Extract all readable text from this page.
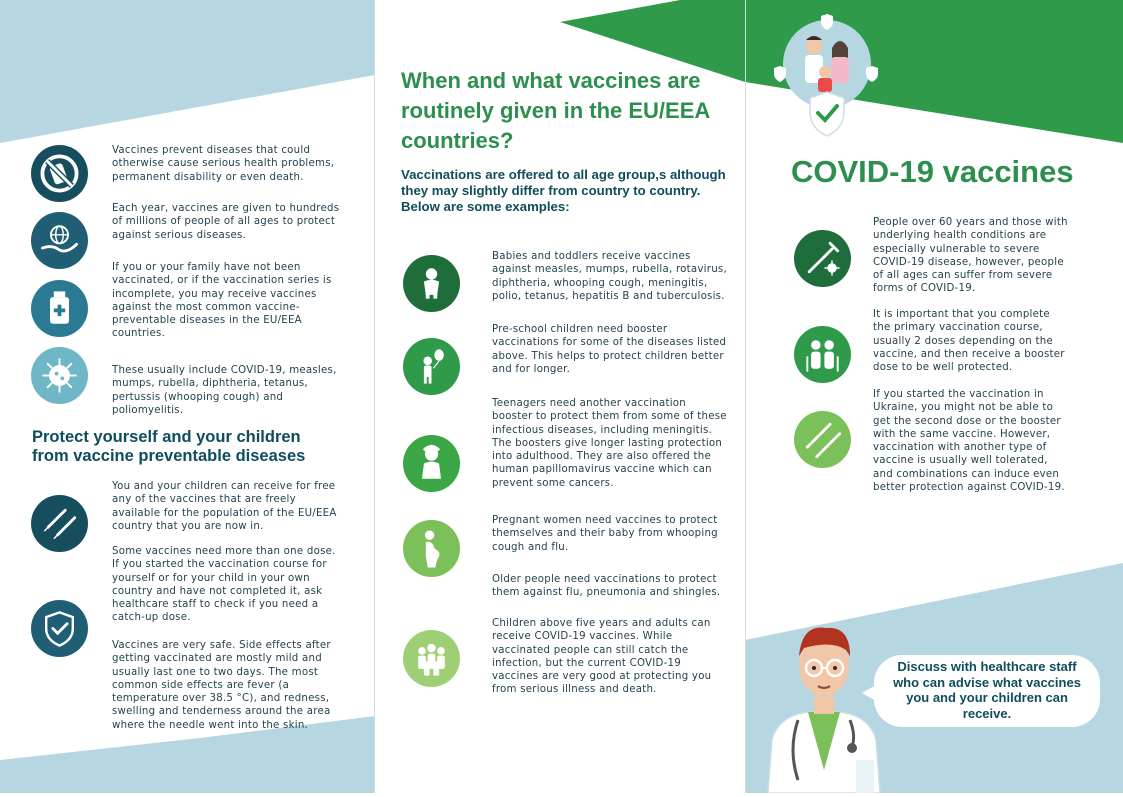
Vaccines prevent diseases that could otherwise cause serious health problems, permanent disability or even death.

Each year, vaccines are given to hundreds of millions of people of all ages to protect against serious diseases.

If you or your family have not been vaccinated, or if the vaccination series is incomplete, you may receive vaccines against the most common vaccine-preventable diseases in the EU/EEA countries.

These usually include COVID-19, measles, mumps, rubella, diphtheria, tetanus, pertussis (whooping cough) and poliomyelitis.

Protect yourself and your children from vaccine preventable diseases

You and your children can receive for free any of the vaccines that are freely available for the population of the EU/EEA country that you are now in.

Some vaccines need more than one dose. If you started the vaccination course for yourself or for your child in your own country and have not completed it, ask healthcare staff to check if you need a catch-up dose.

Vaccines are very safe. Side effects after getting vaccinated are mostly mild and usually last one to two days. The most common side effects are fever (a temperature over 38.5 °C), and redness, swelling and tenderness around the area where the needle went into the skin.

When and what vaccines are routinely given in the EU/EEA countries?
Vaccinations are offered to all age group,s although they may slightly differ from country to country. Below are some examples:

Babies and toddlers receive vaccines against measles, mumps, rubella, rotavirus, diphtheria, whooping cough, meningitis, polio, tetanus, hepatitis B and tuberculosis.

Pre-school children need booster vaccinations for some of the diseases listed above. This helps to protect children better and for longer.

Teenagers need another vaccination booster to protect them from some of these infectious diseases, including meningitis. The boosters give longer lasting protection into adulthood. They are also offered the human papillomavirus vaccine which can prevent some cancers.

Pregnant women need vaccines to protect themselves and their baby from whooping cough and flu.

Older people need vaccinations to protect them against flu, pneumonia and shingles.

Children above five years and adults can receive COVID-19 vaccines. While vaccinated people can still catch the infection, but the current COVID-19 vaccines are very good at protecting you from serious illness and death.

COVID-19 vaccines

People over 60 years and those with underlying health conditions are especially vulnerable to severe COVID-19 disease, however, people of all ages can suffer from severe forms of COVID-19.

It is important that you complete the primary vaccination course, usually 2 doses depending on the vaccine, and then receive a booster dose to be well protected.

If you started the vaccination in Ukraine, you might not be able to get the second dose or the booster with the same vaccine. However, vaccination with another type of vaccine is usually well tolerated, and combinations can induce even better protection against COVID-19.

Discuss with healthcare staff who can advise what vaccines you and your children can receive.
